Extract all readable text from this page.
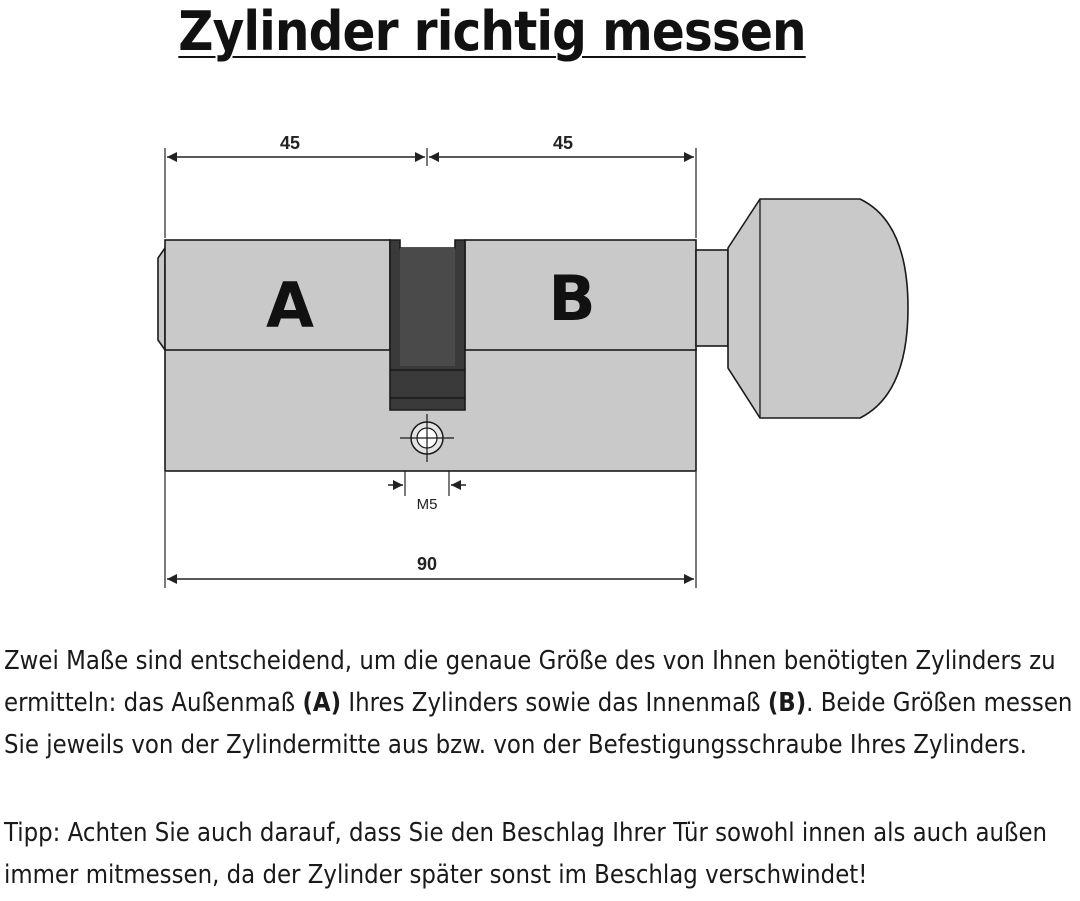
Zylinder richtig messen
45	45
90
M5
A	B
Zwei Maße sind entscheidend, um die genaue Größe des von Ihnen benötigten Zylinders zu
ermitteln: das Außenmaß (A) Ihres Zylinders sowie das Innenmaß (B). Beide Größen messen
Sie jeweils von der Zylindermitte aus bzw. von der Befestigungsschraube Ihres Zylinders.
Tipp: Achten Sie auch darauf, dass Sie den Beschlag Ihrer Tür sowohl innen als auch außen
immer mitmessen, da der Zylinder später sonst im Beschlag verschwindet!
